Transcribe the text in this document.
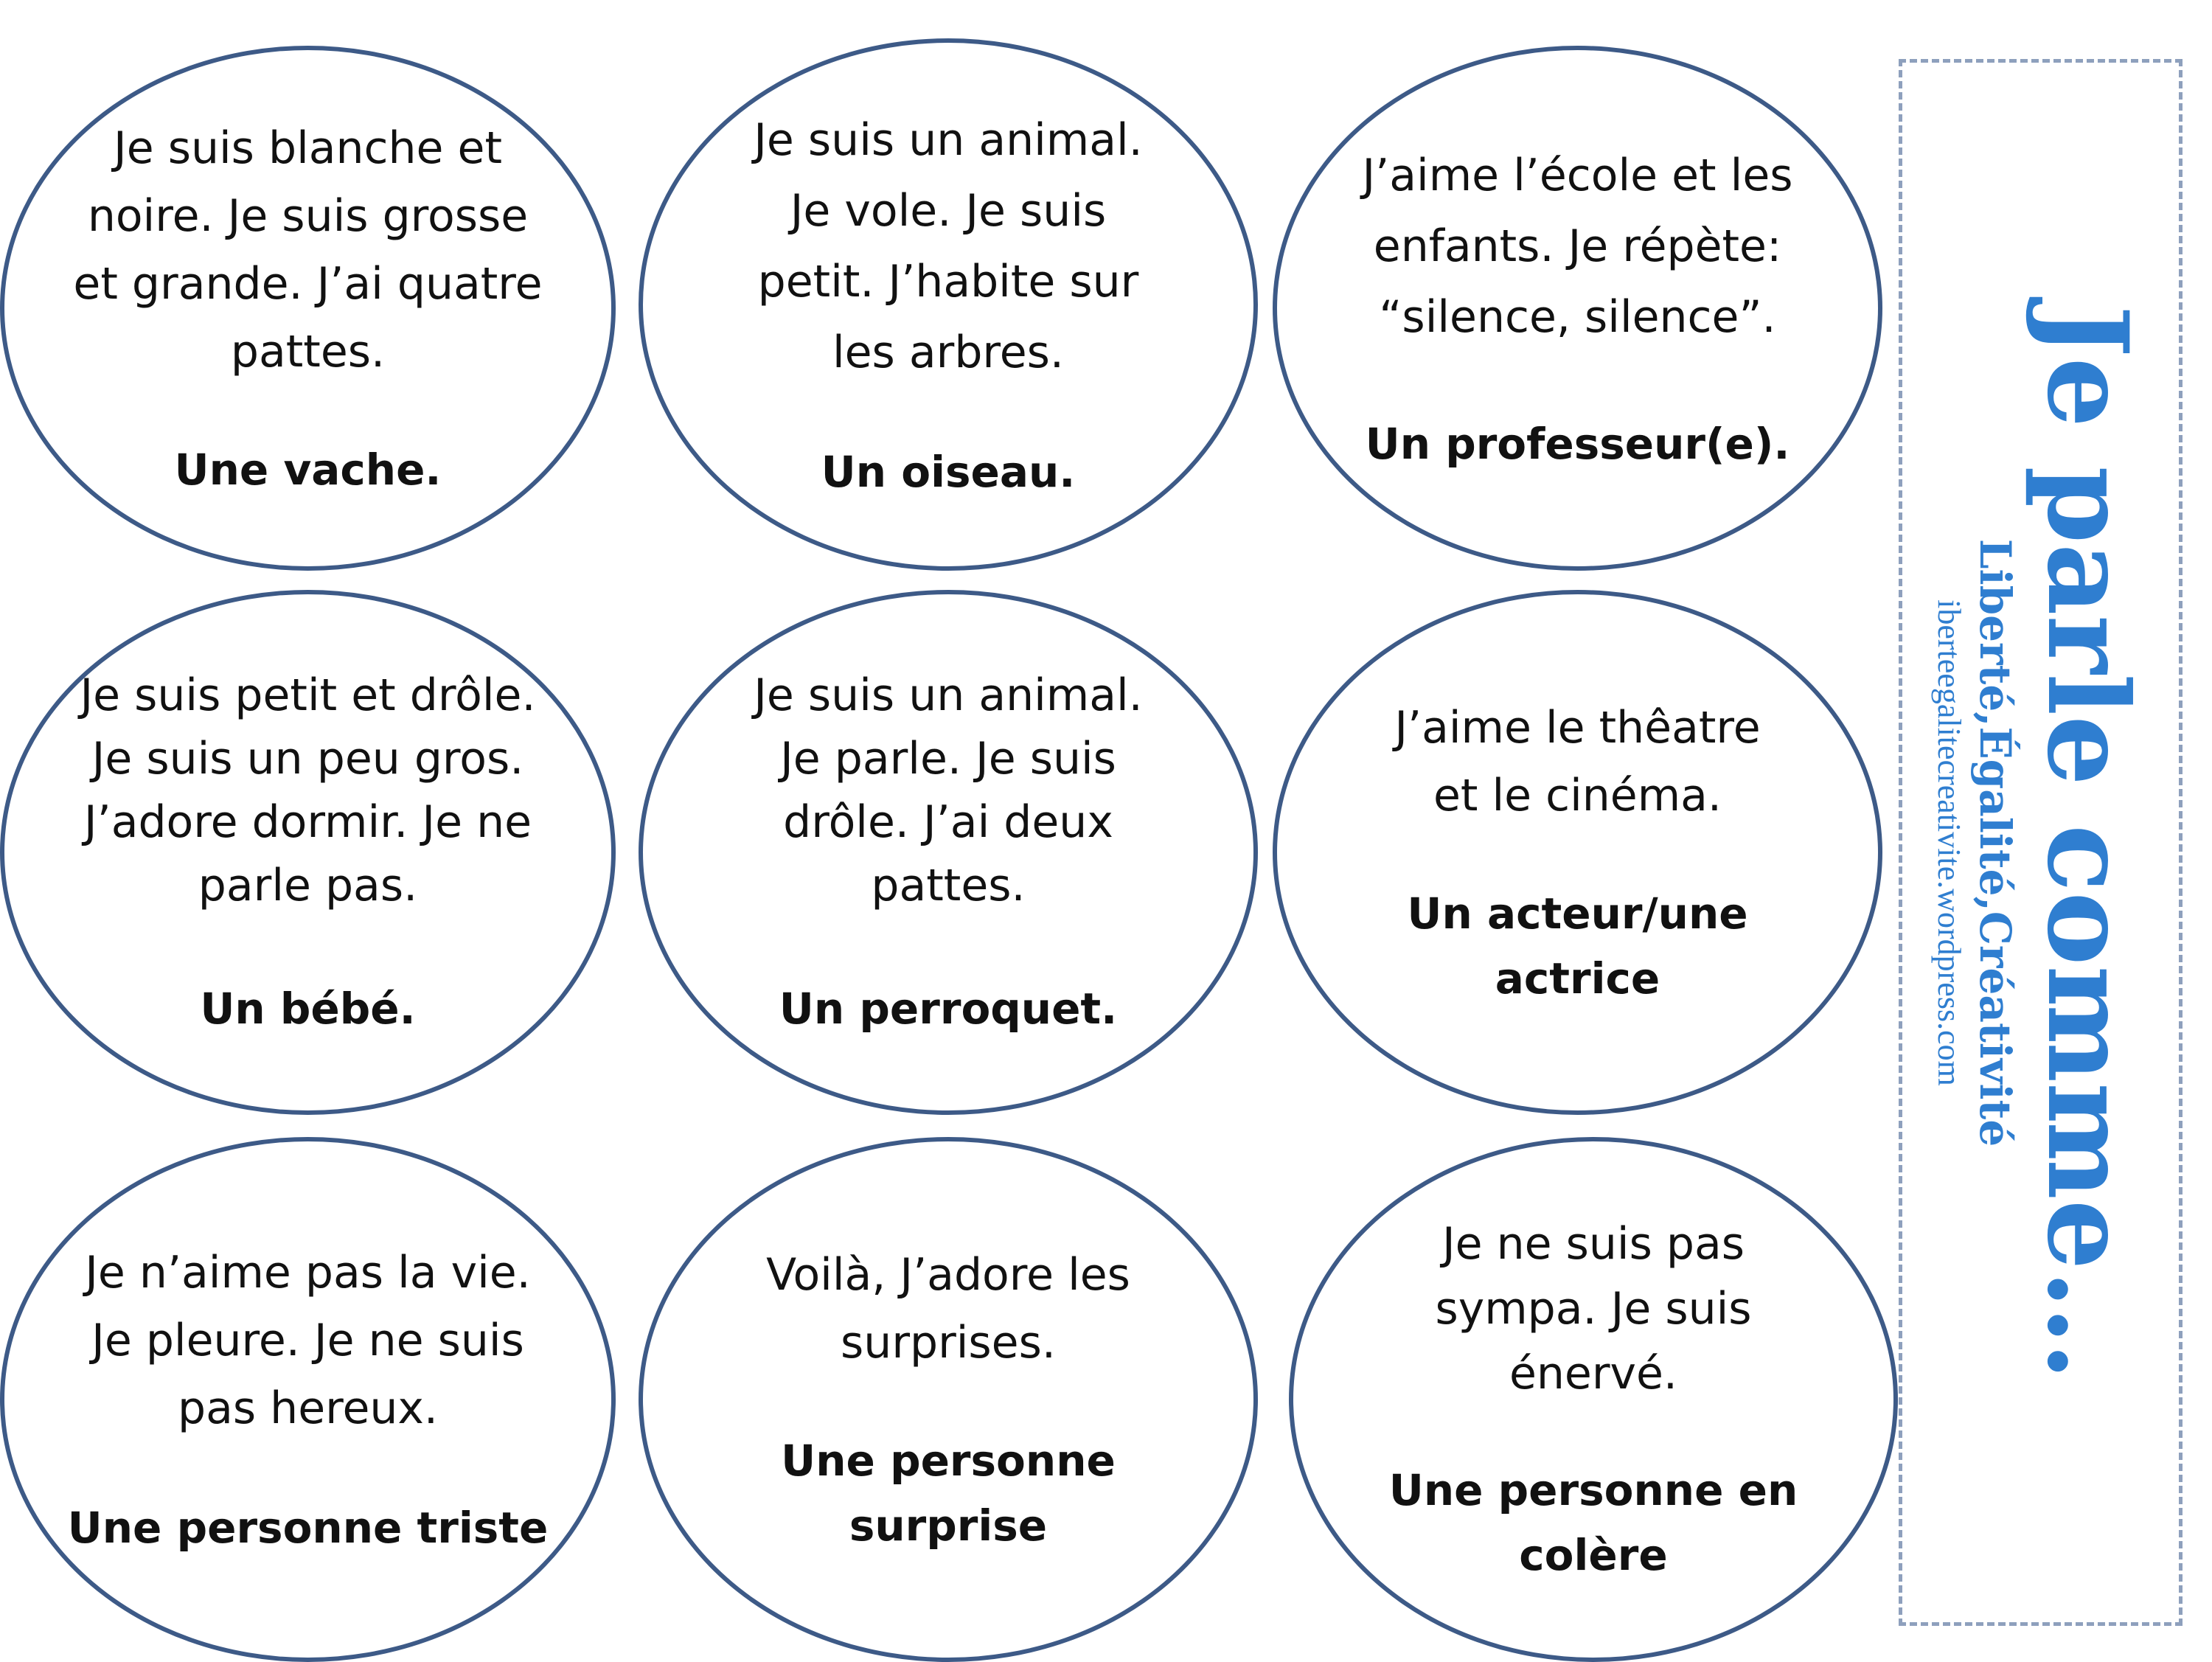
Je suis blanche et
noire. Je suis grosse
et grande. J’ai quatre
pattes.
Une vache.
Je suis un animal.
Je vole. Je suis
petit. J’habite sur
les arbres.
Un oiseau.
J’aime l’école et les
enfants. Je répète:
“silence, silence”.
Un professeur(e).
Je suis petit et drôle.
Je suis un peu gros.
J’adore dormir. Je ne
parle pas.
Un bébé.
Je suis un animal.
Je parle. Je suis
drôle. J’ai deux
pattes.
Un perroquet.
J’aime le thêatre
et le cinéma.
Un acteur/une
actrice
Je n’aime pas la vie.
Je pleure. Je ne suis
pas hereux.
Une personne triste
Voilà, J’adore les
surprises.
Une personne
surprise
Je ne suis pas
sympa. Je suis
énervé.
Une personne en
colère
Je parle comme…
Liberté,Égalité,Créativité
iberteegalitecreativite.wordpress.com
